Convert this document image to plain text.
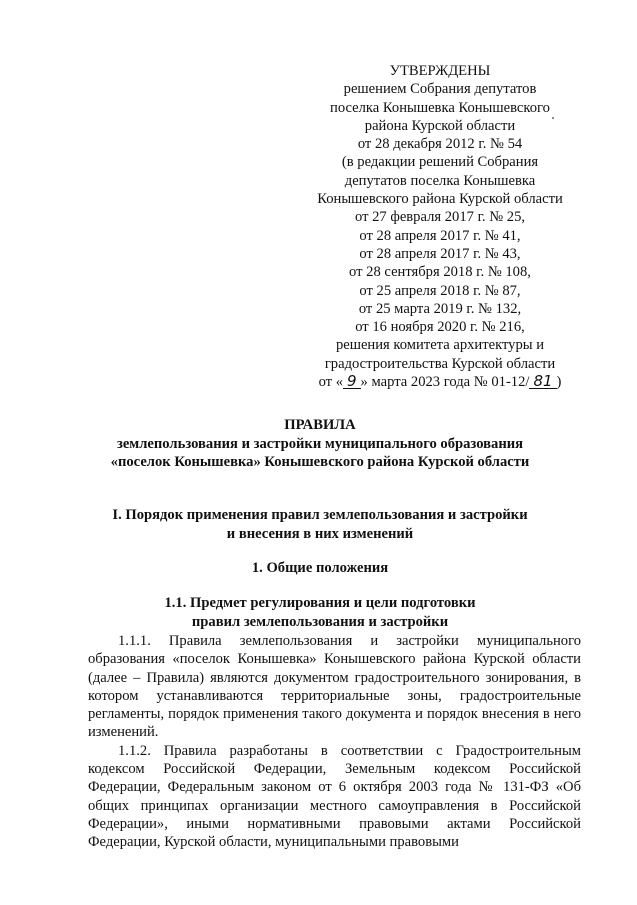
УТВЕРЖДЕНЫ
решением Собрания депутатов
поселка Конышевка Конышевского
района Курской области
от 28 декабря 2012 г. № 54
(в редакции решений Собрания
депутатов поселка Конышевка
Конышевского района Курской области
от 27 февраля 2017 г. № 25,
от 28 апреля 2017 г. № 41,
от 28 апреля 2017 г. № 43,
от 28 сентября 2018 г. № 108,
от 25 апреля 2018 г. № 87,
от 25 марта 2019 г. № 132,
от 16 ноября 2020 г. № 216,
решения комитета архитектуры и
градостроительства Курской области
от « 9 » марта 2023 года № 01-12/ 81 )
ПРАВИЛА
землепользования и застройки муниципального образования
«поселок Конышевка» Конышевского района Курской области
I. Порядок применения правил землепользования и застройки
и внесения в них изменений
1. Общие положения
1.1. Предмет регулирования и цели подготовки
правил землепользования и застройки
1.1.1. Правила землепользования и застройки муниципального образования «поселок Конышевка» Конышевского района Курской области (далее – Правила) являются документом градостроительного зонирования, в котором устанавливаются территориальные зоны, градостроительные регламенты, порядок применения такого документа и порядок внесения в него изменений.
1.1.2. Правила разработаны в соответствии с Градостроительным кодексом Российской Федерации, Земельным кодексом Российской Федерации, Федеральным законом от 6 октября 2003 года № 131-ФЗ «Об общих принципах организации местного самоуправления в Российской Федерации», иными нормативными правовыми актами Российской Федерации, Курской области, муниципальными правовыми
